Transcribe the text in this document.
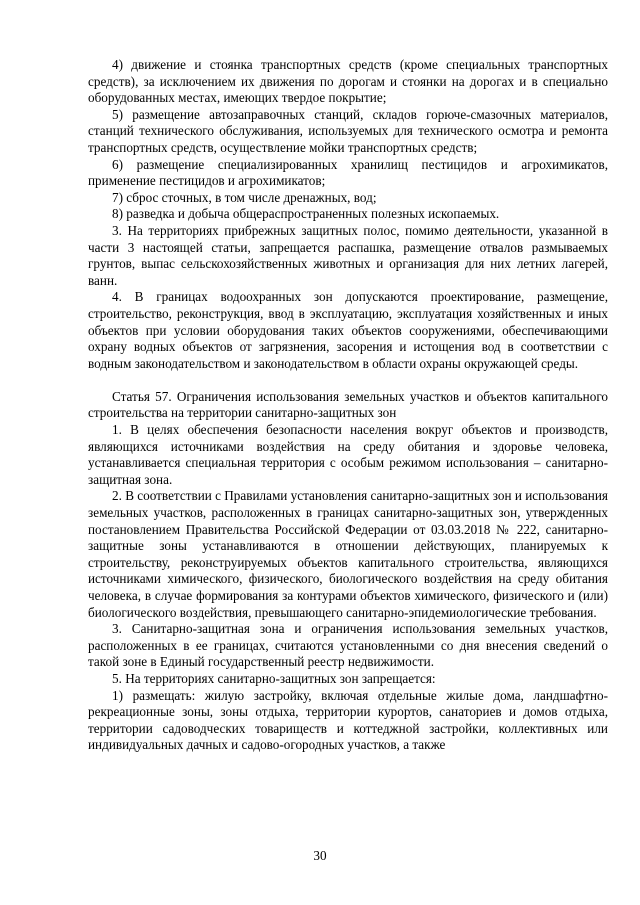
4) движение и стоянка транспортных средств (кроме специальных транспортных средств), за исключением их движения по дорогам и стоянки на дорогах и в специально оборудованных местах, имеющих твердое покрытие;

5) размещение автозаправочных станций, складов горюче-смазочных материалов, станций технического обслуживания, используемых для технического осмотра и ремонта транспортных средств, осуществление мойки транспортных средств;

6) размещение специализированных хранилищ пестицидов и агрохимикатов, применение пестицидов и агрохимикатов;

7) сброс сточных, в том числе дренажных, вод;

8) разведка и добыча общераспространенных полезных ископаемых.

3. На территориях прибрежных защитных полос, помимо деятельности, указанной в части 3 настоящей статьи, запрещается распашка, размещение отвалов размываемых грунтов, выпас сельскохозяйственных животных и организация для них летних лагерей, ванн.

4. В границах водоохранных зон допускаются проектирование, размещение, строительство, реконструкция, ввод в эксплуатацию, эксплуатация хозяйственных и иных объектов при условии оборудования таких объектов сооружениями, обеспечивающими охрану водных объектов от загрязнения, засорения и истощения вод в соответствии с водным законодательством и законодательством в области охраны окружающей среды.

Статья 57. Ограничения использования земельных участков и объектов капитального строительства на территории санитарно-защитных зон

1. В целях обеспечения безопасности населения вокруг объектов и производств, являющихся источниками воздействия на среду обитания и здоровье человека, устанавливается специальная территория с особым режимом использования – санитарно-защитная зона.

2. В соответствии с Правилами установления санитарно-защитных зон и использования земельных участков, расположенных в границах санитарно-защитных зон, утвержденных постановлением Правительства Российской Федерации от 03.03.2018 № 222, санитарно-защитные зоны устанавливаются в отношении действующих, планируемых к строительству, реконструируемых объектов капитального строительства, являющихся источниками химического, физического, биологического воздействия на среду обитания человека, в случае формирования за контурами объектов химического, физического и (или) биологического воздействия, превышающего санитарно-эпидемиологические требования.

3. Санитарно-защитная зона и ограничения использования земельных участков, расположенных в ее границах, считаются установленными со дня внесения сведений о такой зоне в Единый государственный реестр недвижимости.

5. На территориях санитарно-защитных зон запрещается:

1) размещать: жилую застройку, включая отдельные жилые дома, ландшафтно-рекреационные зоны, зоны отдыха, территории курортов, санаториев и домов отдыха, территории садоводческих товариществ и коттеджной застройки, коллективных или индивидуальных дачных и садово-огородных участков, а также

30
